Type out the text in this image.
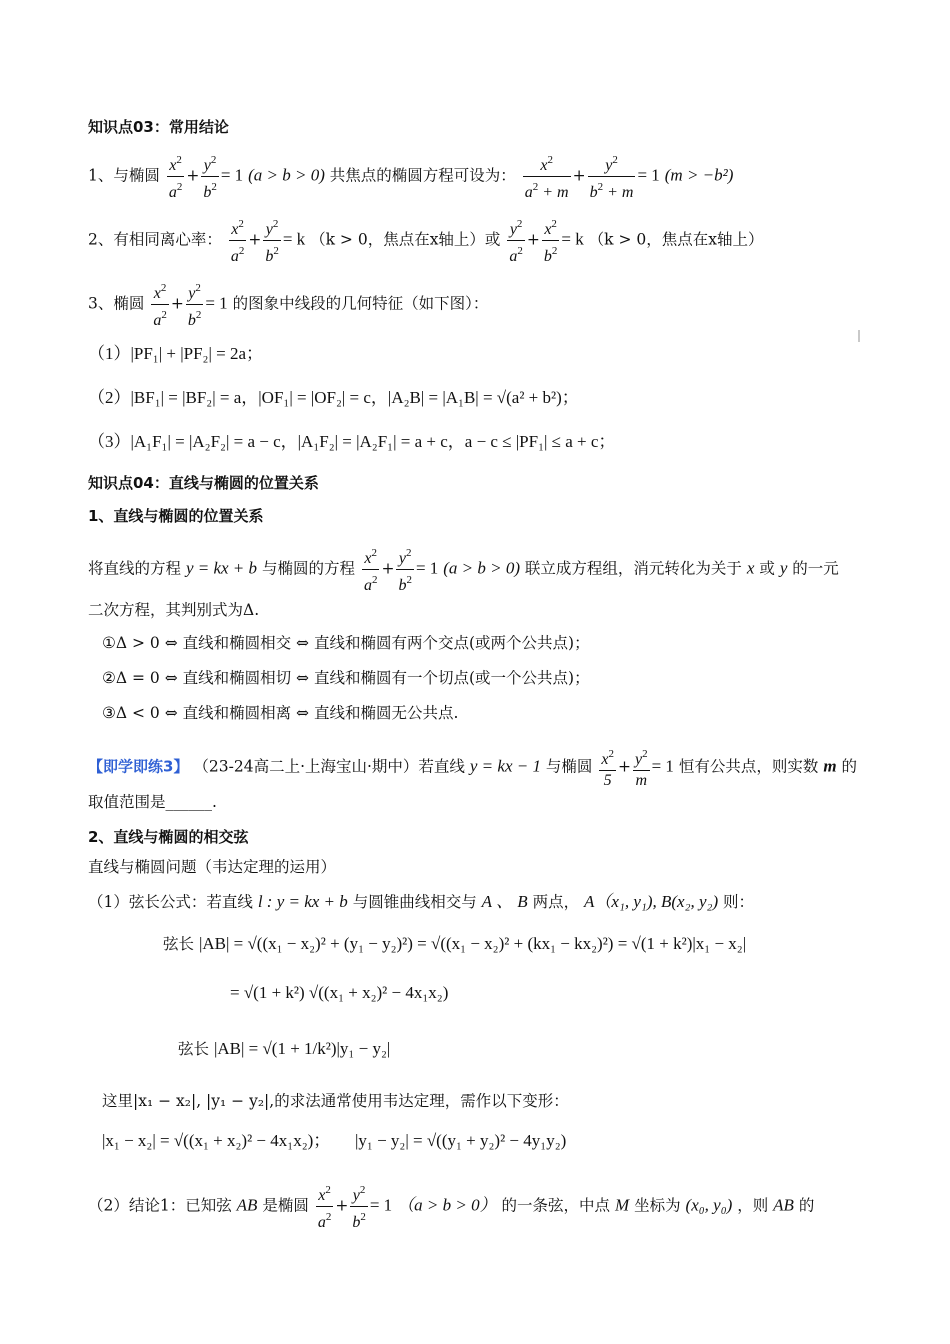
知识点03：常用结论
1、与椭圆 $\frac{x^2}{a^2} + \frac{y^2}{b^2} = 1$ (a > b > 0) 共焦点的椭圆方程可设为： $\frac{x^2}{a^2 + m} + \frac{y^2}{b^2 + m} = 1$ (m > −b²)
2、有相同离心率： $\frac{x^2}{a^2} + \frac{y^2}{b^2} = k$ （k > 0，焦点在x轴上）或 $\frac{y^2}{a^2} + \frac{x^2}{b^2} = k$ （k > 0，焦点在x轴上）
3、椭圆 $\frac{x^2}{a^2} + \frac{y^2}{b^2} = 1$ 的图象中线段的几何特征（如下图）：
（1）|PF₁| + |PF₂| = 2a；
（2）|BF₁| = |BF₂| = a，|OF₁| = |OF₂| = c，|A₂B| = |A₁B| = √(a² + b²)；
（3）|A₁F₁| = |A₂F₂| = a − c，|A₁F₂| = |A₂F₁| = a + c，a − c ≤ |PF₁| ≤ a + c；
知识点04：直线与椭圆的位置关系
1、直线与椭圆的位置关系
将直线的方程 y = kx + b 与椭圆的方程 $\frac{x^2}{a^2} + \frac{y^2}{b^2} = 1$ (a > b > 0) 联立成方程组，消元转化为关于 x 或 y 的一元
二次方程，其判别式为Δ.
①Δ > 0 ⇔ 直线和椭圆相交 ⇔ 直线和椭圆有两个交点(或两个公共点)；
②Δ = 0 ⇔ 直线和椭圆相切 ⇔ 直线和椭圆有一个切点(或一个公共点)；
③Δ < 0 ⇔ 直线和椭圆相离 ⇔ 直线和椭圆无公共点.
【即学即练3】 （23-24高二上·上海宝山·期中）若直线 y = kx − 1 与椭圆 $\frac{x^2}{5} + \frac{y^2}{m} = 1$ 恒有公共点，则实数 m 的
取值范围是______.
2、直线与椭圆的相交弦
直线与椭圆问题（韦达定理的运用）
（1）弦长公式：若直线 l : y = kx + b 与圆锥曲线相交与 A 、 B 两点， A（x₁, y₁), B(x₂, y₂) 则：
弦长 |AB| = √((x₁ − x₂)² + (y₁ − y₂)²) = √((x₁ − x₂)² + (kx₁ − kx₂)²) = √(1 + k²)|x₁ − x₂|
= √(1 + k²) √((x₁ + x₂)² − 4x₁x₂)
弦长 |AB| = √(1 + 1/k²)|y₁ − y₂|
这里|x₁ − x₂|, |y₁ − y₂|,的求法通常使用韦达定理，需作以下变形：
|x₁ − x₂| = √((x₁ + x₂)² − 4x₁x₂)； |y₁ − y₂| = √((y₁ + y₂)² − 4y₁y₂)
（2）结论1：已知弦 AB 是椭圆 $\frac{x^2}{a^2} + \frac{y^2}{b^2} = 1$ （a > b > 0） 的一条弦，中点 M 坐标为 (x₀, y₀) ，则 AB 的
